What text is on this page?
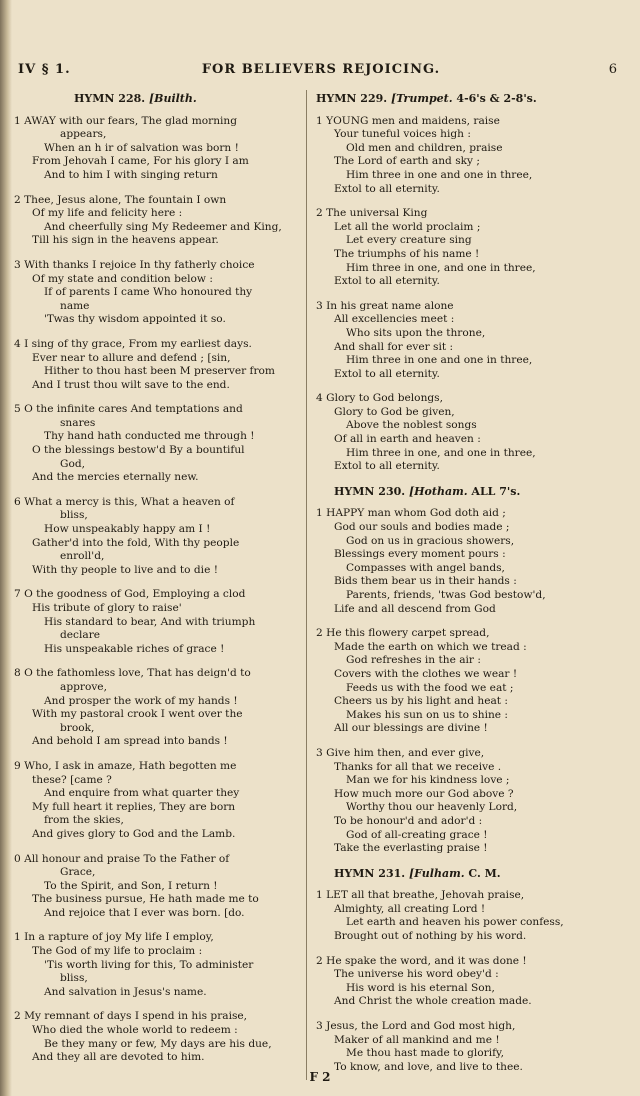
IV § 1.	FOR BELIEVERS REJOICING.	6
HYMN 228. [Builth.
1 AWAY with our fears, The glad morning
appears,
When an h ir of salvation was born !
From Jehovah I came, For his glory I am
And to him I with singing return
2 Thee, Jesus alone, The fountain I own
Of my life and felicity here :
And cheerfully sing My Redeemer and King,
Till his sign in the heavens appear.
3 With thanks I rejoice In thy fatherly choice
Of my state and condition below :
If of parents I came Who honoured thy
name
'Twas thy wisdom appointed it so.
4 I sing of thy grace, From my earliest days.
Ever near to allure and defend ; [sin,
Hither to thou hast been M preserver from
And I trust thou wilt save to the end.
5 O the infinite cares And temptations and
snares
Thy hand hath conducted me through !
O the blessings bestow'd By a bountiful
God,
And the mercies eternally new.
6 What a mercy is this, What a heaven of
bliss,
How unspeakably happy am I !
Gather'd into the fold, With thy people
enroll'd,
With thy people to live and to die !
7 O the goodness of God, Employing a clod
His tribute of glory to raise'
His standard to bear, And with triumph
declare
His unspeakable riches of grace !
8 O the fathomless love, That has deign'd to
approve,
And prosper the work of my hands !
With my pastoral crook I went over the
brook,
And behold I am spread into bands !
9 Who, I ask in amaze, Hath begotten me
these? [came ?
And enquire from what quarter they
My full heart it replies, They are born
from the skies,
And gives glory to God and the Lamb.
0 All honour and praise To the Father of
Grace,
To the Spirit, and Son, I return !
The business pursue, He hath made me to
And rejoice that I ever was born. [do.
1 In a rapture of joy My life I employ,
The God of my life to proclaim :
'Tis worth living for this, To administer
bliss,
And salvation in Jesus's name.
2 My remnant of days I spend in his praise,
Who died the whole world to redeem :
Be they many or few, My days are his due,
And they all are devoted to him.
HYMN 229. [Trumpet. 4-6's & 2-8's.
1 YOUNG men and maidens, raise
Your tuneful voices high :
Old men and children, praise
The Lord of earth and sky ;
Him three in one and one in three,
Extol to all eternity.
2 The universal King
Let all the world proclaim ;
Let every creature sing
The triumphs of his name !
Him three in one, and one in three,
Extol to all eternity.
3 In his great name alone
All excellencies meet :
Who sits upon the throne,
And shall for ever sit :
Him three in one and one in three,
Extol to all eternity.
4 Glory to God belongs,
Glory to God be given,
Above the noblest songs
Of all in earth and heaven :
Him three in one, and one in three,
Extol to all eternity.
HYMN 230. [Hotham. ALL 7's.
1 HAPPY man whom God doth aid ;
God our souls and bodies made ;
God on us in gracious showers,
Blessings every moment pours :
Compasses with angel bands,
Bids them bear us in their hands :
Parents, friends, 'twas God bestow'd,
Life and all descend from God
2 He this flowery carpet spread,
Made the earth on which we tread :
God refreshes in the air :
Covers with the clothes we wear !
Feeds us with the food we eat ;
Cheers us by his light and heat :
Makes his sun on us to shine :
All our blessings are divine !
3 Give him then, and ever give,
Thanks for all that we receive .
Man we for his kindness love ;
How much more our God above ?
Worthy thou our heavenly Lord,
To be honour'd and ador'd :
God of all-creating grace !
Take the everlasting praise !
HYMN 231. [Fulham. C. M.
1 LET all that breathe, Jehovah praise,
Almighty, all creating Lord !
Let earth and heaven his power confess,
Brought out of nothing by his word.
2 He spake the word, and it was done !
The universe his word obey'd :
His word is his eternal Son,
And Christ the whole creation made.
3 Jesus, the Lord and God most high,
Maker of all mankind and me !
Me thou hast made to glorify,
To know, and love, and live to thee.
F 2
